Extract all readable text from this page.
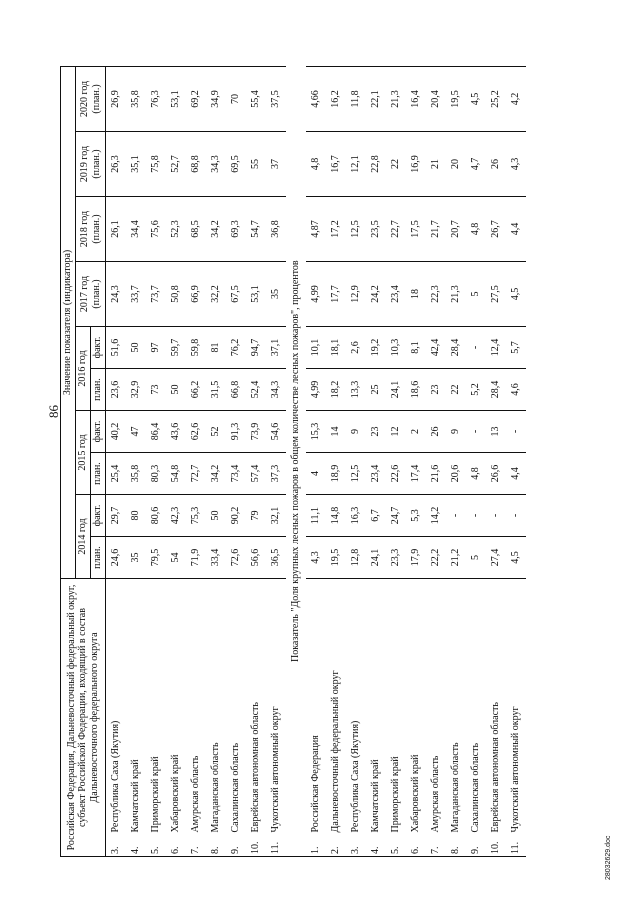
86
28032629.doc
Российская Федерация, Дальневосточный федеральный округ, субъект Российской Федерации, входящий в состав Дальневосточного федерального округа		Значение показателя (индикатора)									
		2014 год		2015 год		2016 год		2017 год (план.)	2018 год (план.)	2019 год (план.)	2020 год (план.)
		план.	факт.	план.	факт.	план.	факт.				
3.	Республика Саха (Якутия)	24,6	29,7	25,4	40,2	23,6	51,6	24,3	26,1	26,3	26,9
4.	Камчатский край	35	80	35,8	47	32,9	50	33,7	34,4	35,1	35,8
5.	Приморский край	79,5	80,6	80,3	86,4	73	97	73,7	75,6	75,8	76,3
6.	Хабаровский край	54	42,3	54,8	43,6	50	59,7	50,8	52,3	52,7	53,1
7.	Амурская область	71,9	75,3	72,7	62,6	66,2	59,8	66,9	68,5	68,8	69,2
8.	Магаданская область	33,4	50	34,2	52	31,5	81	32,2	34,2	34,3	34,9
9.	Сахалинская область	72,6	90,2	73,4	91,3	66,8	76,2	67,5	69,3	69,5	70
10.	Еврейская автономная область	56,6	79	57,4	73,9	52,4	94,7	53,1	54,7	55	55,4
11.	Чукотский автономный округ	36,5	32,1	37,3	54,6	34,3	37,1	35	36,8	37	37,5
Показатель "Доля крупных лесных пожаров в общем количестве лесных пожаров", процентов											
1.	Российская Федерация	4,3	11,1	4	15,3	4,99	10,1	4,99	4,87	4,8	4,66
2.	Дальневосточный федеральный округ	19,5	14,8	18,9	14	18,2	18,1	17,7	17,2	16,7	16,2
3.	Республика Саха (Якутия)	12,8	16,3	12,5	9	13,3	2,6	12,9	12,5	12,1	11,8
4.	Камчатский край	24,1	6,7	23,4	23	25	19,2	24,2	23,5	22,8	22,1
5.	Приморский край	23,3	24,7	22,6	12	24,1	10,3	23,4	22,7	22	21,3
6.	Хабаровский край	17,9	5,3	17,4	2	18,6	8,1	18	17,5	16,9	16,4
7.	Амурская область	22,2	14,2	21,6	26	23	42,4	22,3	21,7	21	20,4
8.	Магаданская область	21,2	-	20,6	9	22	28,4	21,3	20,7	20	19,5
9.	Сахалинская область	5	-	4,8	-	5,2	-	5	4,8	4,7	4,5
10.	Еврейская автономная область	27,4	-	26,6	13	28,4	12,4	27,5	26,7	26	25,2
11.	Чукотский автономный округ	4,5	-	4,4	-	4,6	5,7	4,5	4,4	4,3	4,2
